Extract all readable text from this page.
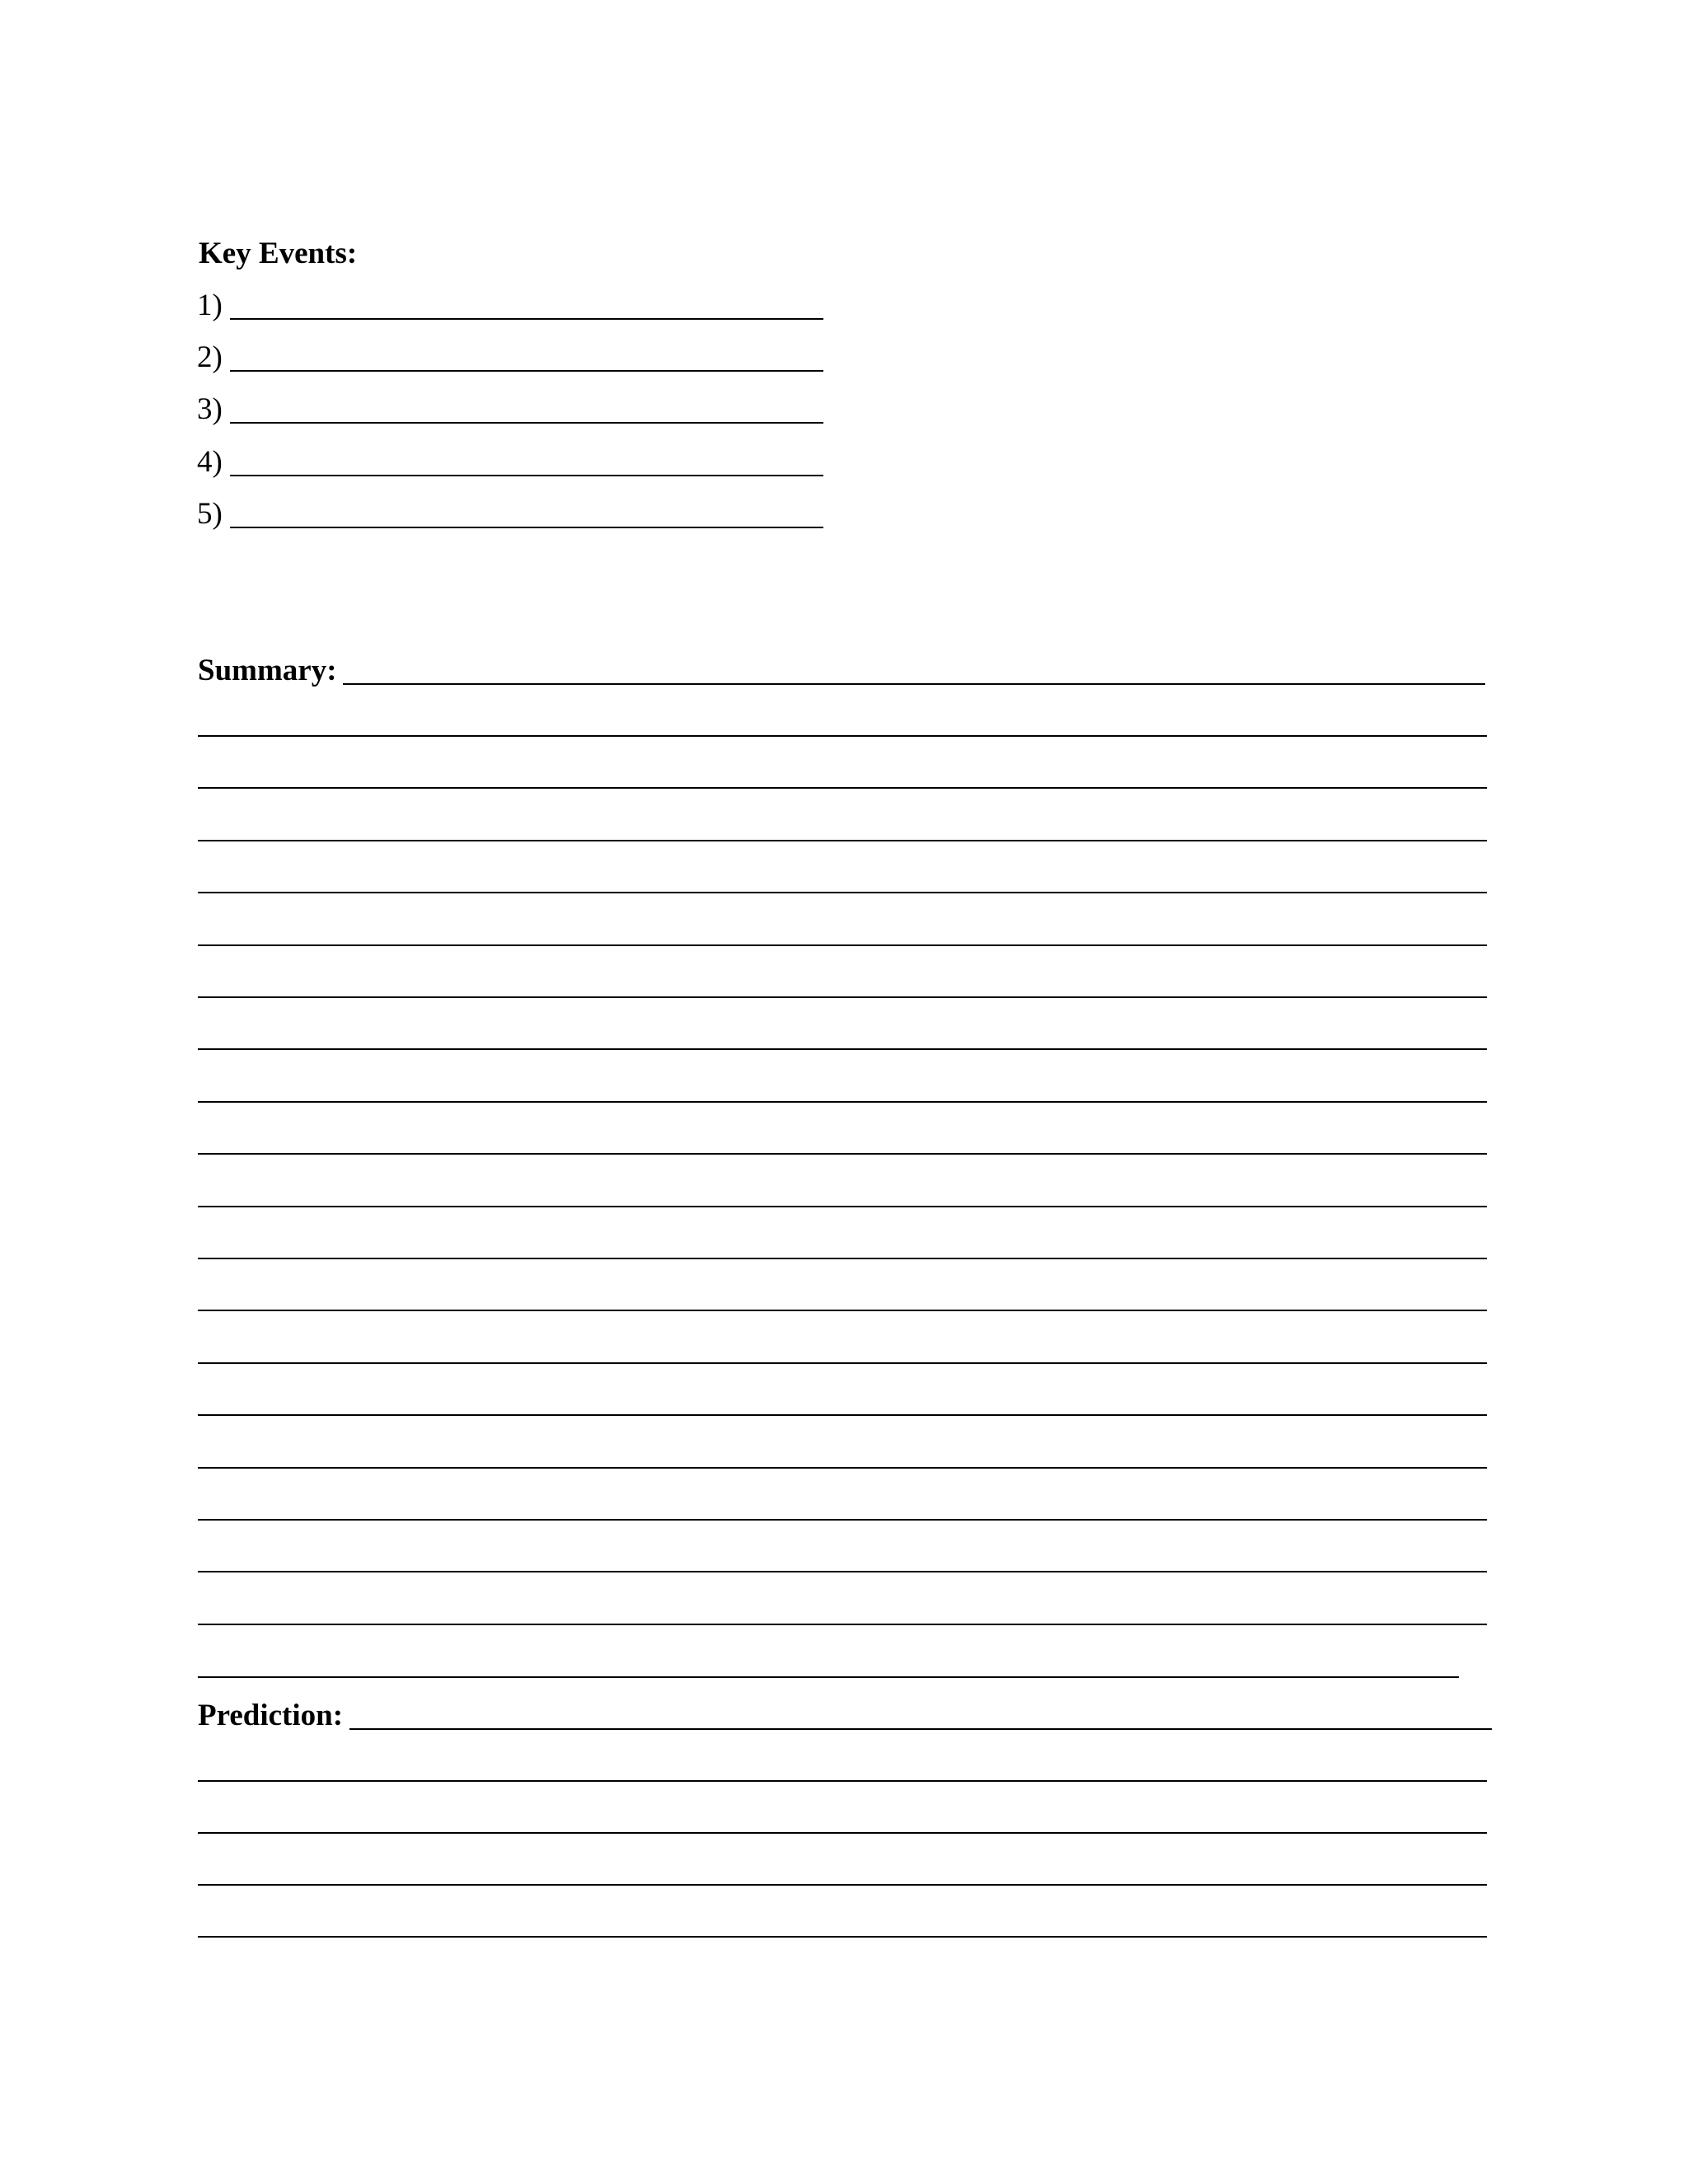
Key Events:
1)
2)
3)
4)
5)
Summary:
Prediction:
